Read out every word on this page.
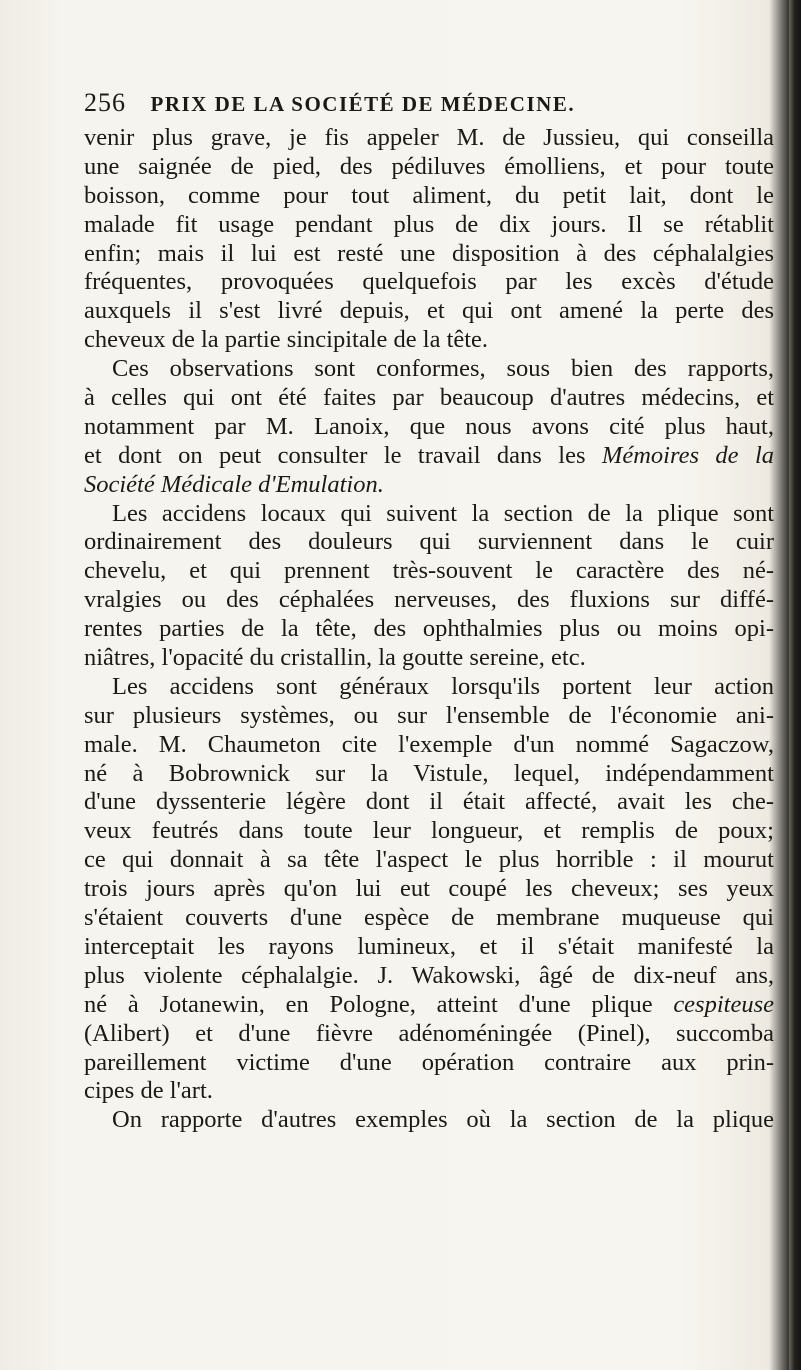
256 PRIX DE LA SOCIÉTÉ DE MÉDECINE.
venir plus grave, je fis appeler M. de Jussieu, qui conseilla
une saignée de pied, des pédiluves émolliens, et pour toute
boisson, comme pour tout aliment, du petit lait, dont le
malade fit usage pendant plus de dix jours. Il se rétablit
enfin; mais il lui est resté une disposition à des céphalalgies
fréquentes, provoquées quelquefois par les excès d'étude
auxquels il s'est livré depuis, et qui ont amené la perte des
cheveux de la partie sincipitale de la tête.
Ces observations sont conformes, sous bien des rapports,
à celles qui ont été faites par beaucoup d'autres médecins, et
notamment par M. Lanoix, que nous avons cité plus haut,
et dont on peut consulter le travail dans les Mémoires de la
Société Médicale d'Emulation.
Les accidens locaux qui suivent la section de la plique sont
ordinairement des douleurs qui surviennent dans le cuir
chevelu, et qui prennent très-souvent le caractère des né-
vralgies ou des céphalées nerveuses, des fluxions sur diffé-
rentes parties de la tête, des ophthalmies plus ou moins opi-
niâtres, l'opacité du cristallin, la goutte sereine, etc.
Les accidens sont généraux lorsqu'ils portent leur action
sur plusieurs systèmes, ou sur l'ensemble de l'économie ani-
male. M. Chaumeton cite l'exemple d'un nommé Sagaczow,
né à Bobrownick sur la Vistule, lequel, indépendamment
d'une dyssenterie légère dont il était affecté, avait les che-
veux feutrés dans toute leur longueur, et remplis de poux;
ce qui donnait à sa tête l'aspect le plus horrible : il mourut
trois jours après qu'on lui eut coupé les cheveux; ses yeux
s'étaient couverts d'une espèce de membrane muqueuse qui
interceptait les rayons lumineux, et il s'était manifesté la
plus violente céphalalgie. J. Wakowski, âgé de dix-neuf ans,
né à Jotanewin, en Pologne, atteint d'une plique cespiteuse
(Alibert) et d'une fièvre adénoméningée (Pinel), succomba
pareillement victime d'une opération contraire aux prin-
cipes de l'art.
On rapporte d'autres exemples où la section de la plique
